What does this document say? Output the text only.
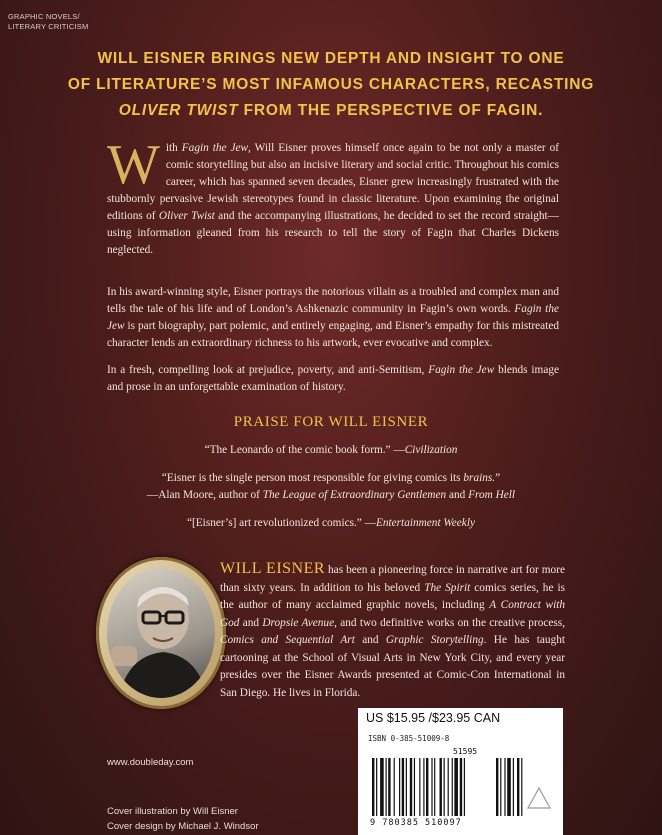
GRAPHIC NOVELS/
LITERARY CRITICISM
WILL EISNER BRINGS NEW DEPTH AND INSIGHT TO ONE
OF LITERATURE’S MOST INFAMOUS CHARACTERS, RECASTING
OLIVER TWIST FROM THE PERSPECTIVE OF FAGIN.
With Fagin the Jew, Will Eisner proves himself once again to be not only a master of comic storytelling but also an incisive literary and social critic. Throughout his comics career, which has spanned seven decades, Eisner grew increasingly frustrated with the stubbornly pervasive Jewish stereotypes found in classic literature. Upon examining the original editions of Oliver Twist and the accompanying illustrations, he decided to set the record straight—using information gleaned from his research to tell the story of Fagin that Charles Dickens neglected.
In his award-winning style, Eisner portrays the notorious villain as a troubled and complex man and tells the tale of his life and of London’s Ashkenazic community in Fagin’s own words. Fagin the Jew is part biography, part polemic, and entirely engaging, and Eisner’s empathy for this mistreated character lends an extraordinary richness to his artwork, ever evocative and complex.
In a fresh, compelling look at prejudice, poverty, and anti-Semitism, Fagin the Jew blends image and prose in an unforgettable examination of history.
PRAISE FOR WILL EISNER
“The Leonardo of the comic book form.” —Civilization
“Eisner is the single person most responsible for giving comics its brains.”
—Alan Moore, author of The League of Extraordinary Gentlemen and From Hell
“[Eisner’s] art revolutionized comics.” —Entertainment Weekly
WILL EISNER has been a pioneering force in narrative art for more than sixty years. In addition to his beloved The Spirit comics series, he is the author of many acclaimed graphic novels, including A Contract with God and Dropsie Avenue, and two definitive works on the creative process, Comics and Sequential Art and Graphic Storytelling. He has taught cartooning at the School of Visual Arts in New York City, and every year presides over the Eisner Awards presented at Comic-Con International in San Diego. He lives in Florida.
US $15.95 /$23.95 CAN
ISBN 0-385-51009-8
51595
9 780385 510097
www.doubleday.com
Cover illustration by Will Eisner
Cover design by Michael J. Windsor
